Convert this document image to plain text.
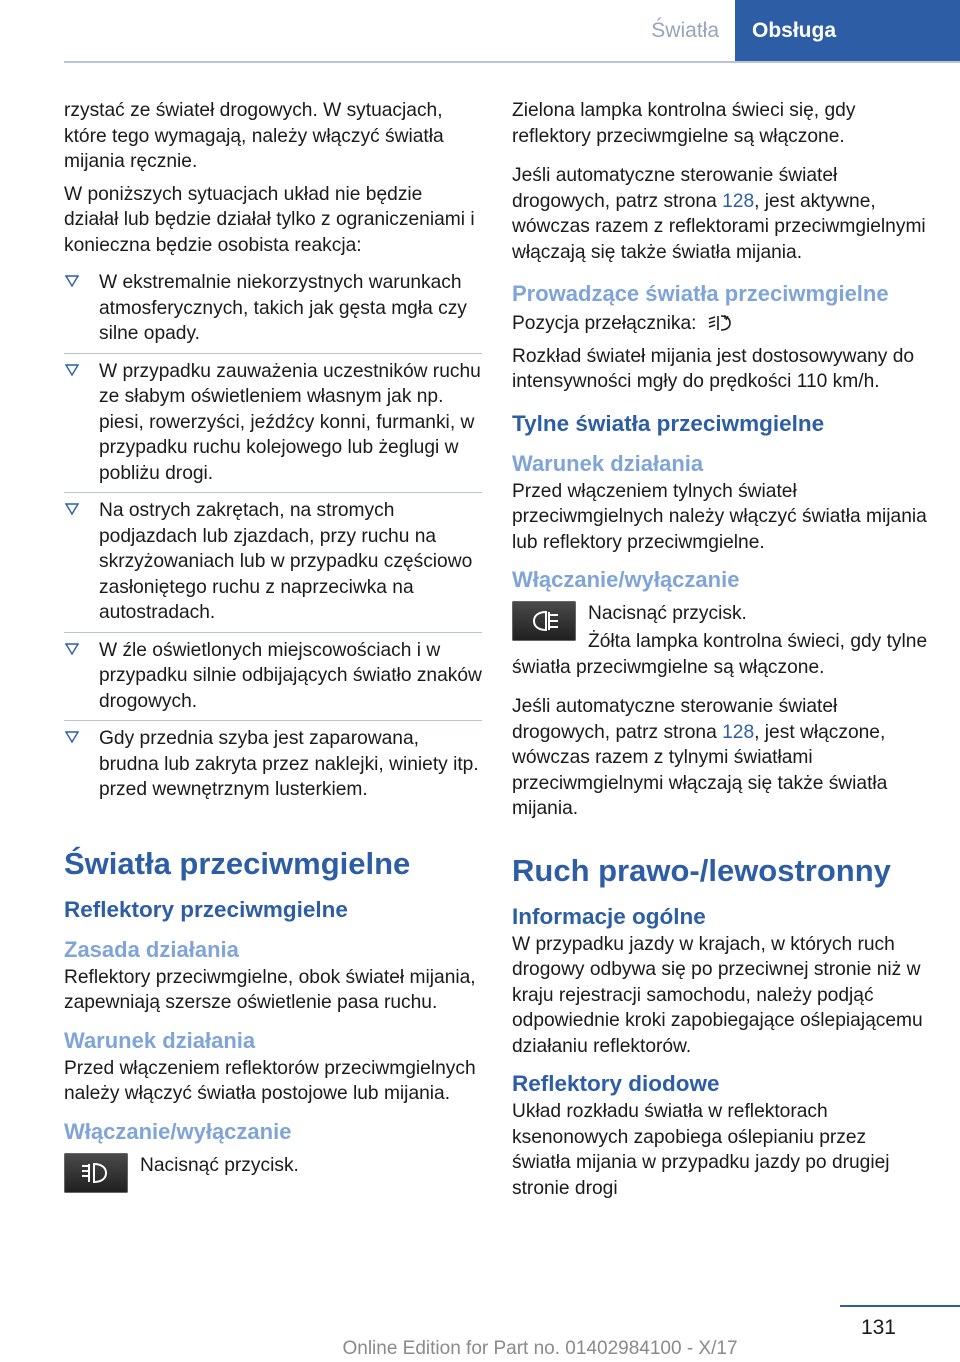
Światła	Obsługa

rzystać ze świateł drogowych. W sytuacjach, które tego wymagają, należy włączyć światła mijania ręcznie.

W poniższych sytuacjach układ nie będzie działał lub będzie działał tylko z ograniczeniami i konieczna będzie osobista reakcja:

W ekstremalnie niekorzystnych warunkach atmosferycznych, takich jak gęsta mgła czy silne opady.
W przypadku zauważenia uczestników ruchu ze słabym oświetleniem własnym jak np. piesi, rowerzyści, jeźdźcy konni, furmanki, w przypadku ruchu kolejowego lub żeglugi w pobliżu drogi.
Na ostrych zakrętach, na stromych podjazdach lub zjazdach, przy ruchu na skrzyżowaniach lub w przypadku częściowo zasłoniętego ruchu z naprzeciwka na autostradach.
W źle oświetlonych miejscowościach i w przypadku silnie odbijających światło znaków drogowych.
Gdy przednia szyba jest zaparowana, brudna lub zakryta przez naklejki, winiety itp. przed wewnętrznym lusterkiem.
Światła przeciwmgielne
Reflektory przeciwmgielne
Zasada działania

Reflektory przeciwmgielne, obok świateł mijania, zapewniają szersze oświetlenie pasa ruchu.

Warunek działania

Przed włączeniem reflektorów przeciwmgielnych należy włączyć światła postojowe lub mijania.

Włączanie/wyłączanie
Nacisnąć przycisk.

Zielona lampka kontrolna świeci się, gdy reflektory przeciwmgielne są włączone.

Jeśli automatyczne sterowanie świateł drogowych, patrz strona 128, jest aktywne, wówczas razem z reflektorami przeciwmgielnymi włączają się także światła mijania.

Prowadzące światła przeciwmgielne

Pozycja przełącznika:

Rozkład świateł mijania jest dostosowywany do intensywności mgły do prędkości 110 km/h.

Tylne światła przeciwmgielne
Warunek działania

Przed włączeniem tylnych świateł przeciwmgielnych należy włączyć światła mijania lub reflektory przeciwmgielne.

Włączanie/wyłączanie
Nacisnąć przycisk.

Żółta lampka kontrolna świeci, gdy tylne światła przeciwmgielne są włączone.

Jeśli automatyczne sterowanie świateł drogowych, patrz strona 128, jest włączone, wówczas razem z tylnymi światłami przeciwmgielnymi włączają się także światła mijania.

Ruch prawo-/lewostronny
Informacje ogólne

W przypadku jazdy w krajach, w których ruch drogowy odbywa się po przeciwnej stronie niż w kraju rejestracji samochodu, należy podjąć odpowiednie kroki zapobiegające oślepiającemu działaniu reflektorów.

Reflektory diodowe

Układ rozkładu światła w reflektorach ksenonowych zapobiega oślepianiu przez światła mijania w przypadku jazdy po drugiej stronie drogi

131
Online Edition for Part no. 01402984100 - X/17
